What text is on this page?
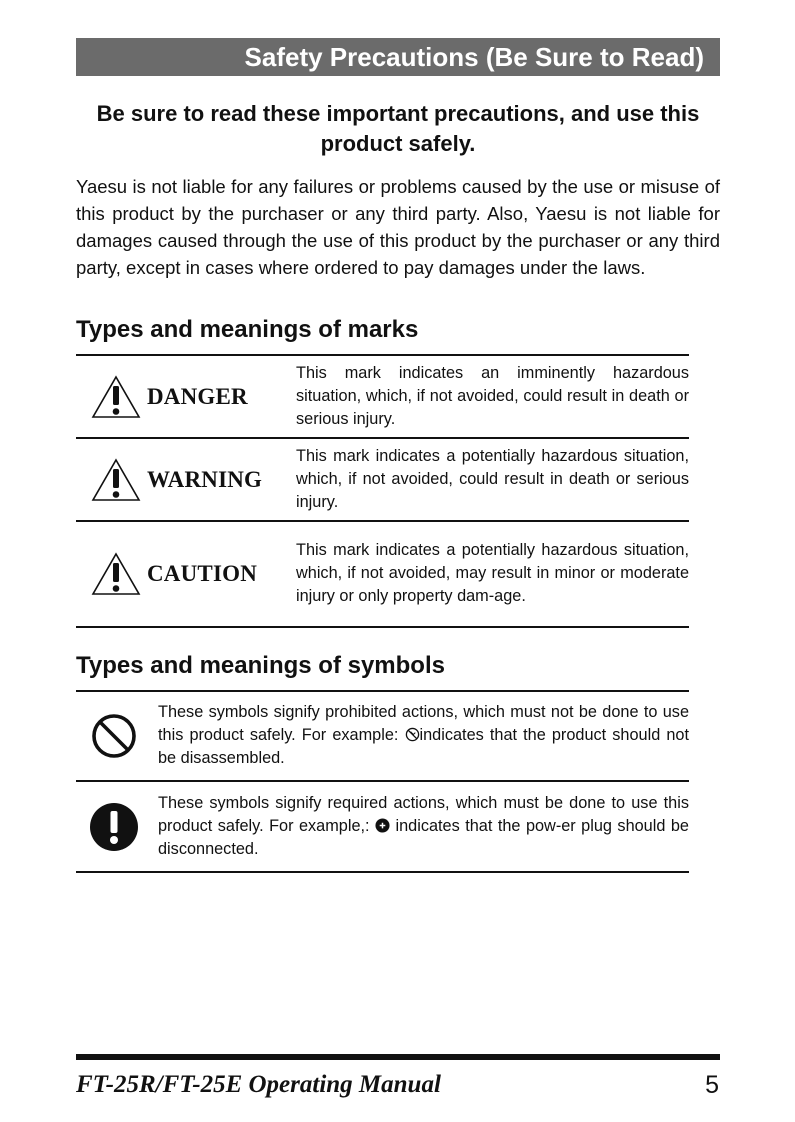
Safety Precautions (Be Sure to Read)
Be sure to read these important precautions, and use this product safely.
Yaesu is not liable for any failures or problems caused by the use or misuse of this product by the purchaser or any third party. Also, Yaesu is not liable for damages caused through the use of this product by the purchaser or any third party, except in cases where ordered to pay damages under the laws.
Types and meanings of marks
DANGER	This mark indicates an imminently hazardous situation, which, if not avoided, could result in death or serious injury.

WARNING	This mark indicates a potentially hazardous situation, which, if not avoided, could result in death or serious injury.

CAUTION	This mark indicates a potentially hazardous situation, which, if not avoided, may result in minor or moderate injury or only property dam-age.
Types and meanings of symbols
	These symbols signify prohibited actions, which must not be done to use this product safely. For example: indicates that the product should not be disassembled.

	These symbols signify required actions, which must be done to use this product safely. For example,:  indicates that the pow-er plug should be disconnected.
FT-25R/FT-25E Operating Manual	5
